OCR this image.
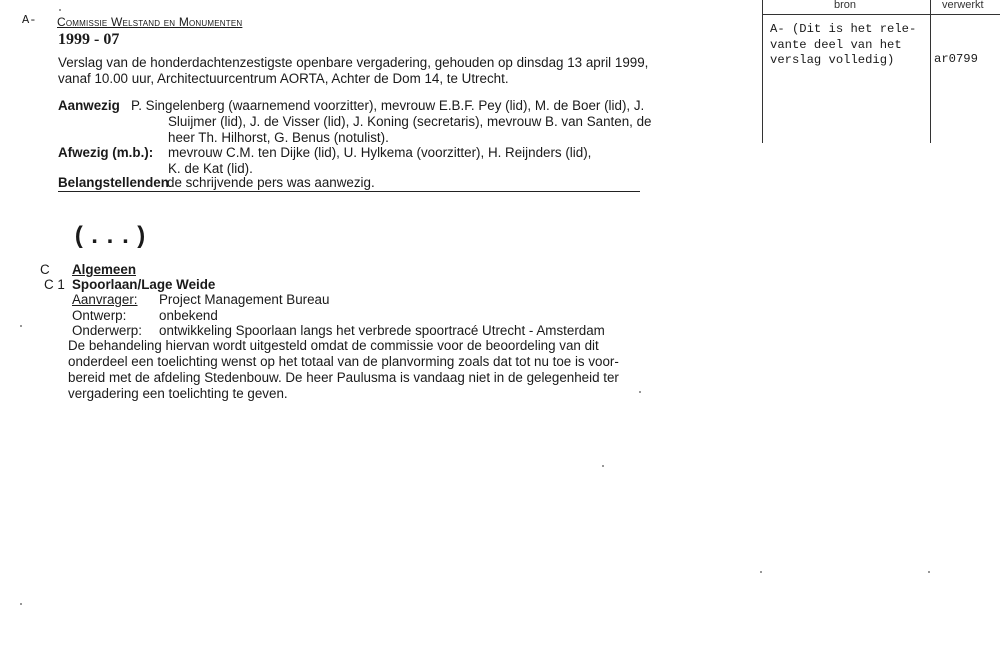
A- Commissie Welstand en Monumenten
1999 - 07
Verslag van de honderdachtenzestigste openbare vergadering, gehouden op dinsdag 13 april 1999,
vanaf 10.00 uur, Architectuurcentrum AORTA, Achter de Dom 14, te Utrecht.
Aanwezig P. Singelenberg (waarnemend voorzitter), mevrouw E.B.F. Pey (lid), M. de Boer (lid), J.
Sluijmer (lid), J. de Visser (lid), J. Koning (secretaris), mevrouw B. van Santen, de
heer Th. Hilhorst, G. Benus (notulist).
Afwezig (m.b.): mevrouw C.M. ten Dijke (lid), U. Hylkema (voorzitter), H. Reijnders (lid),
K. de Kat (lid).
Belangstellenden
de schrijvende pers was aanwezig.
(...)
C Algemeen
C 1 Spoorlaan/Lage Weide
Aanvrager: Project Management Bureau
Ontwerp: onbekend
Onderwerp: ontwikkeling Spoorlaan langs het verbrede spoortracé Utrecht - Amsterdam
De behandeling hiervan wordt uitgesteld omdat de commissie voor de beoordeling van dit
onderdeel een toelichting wenst op het totaal van de planvorming zoals dat tot nu toe is voor-
bereid met de afdeling Stedenbouw. De heer Paulusma is vandaag niet in de gelegenheid ter
vergadering een toelichting te geven.
bron	verwerkt
A- (Dit is het rele-
vante deel van het
verslag volledig)	ar0799
